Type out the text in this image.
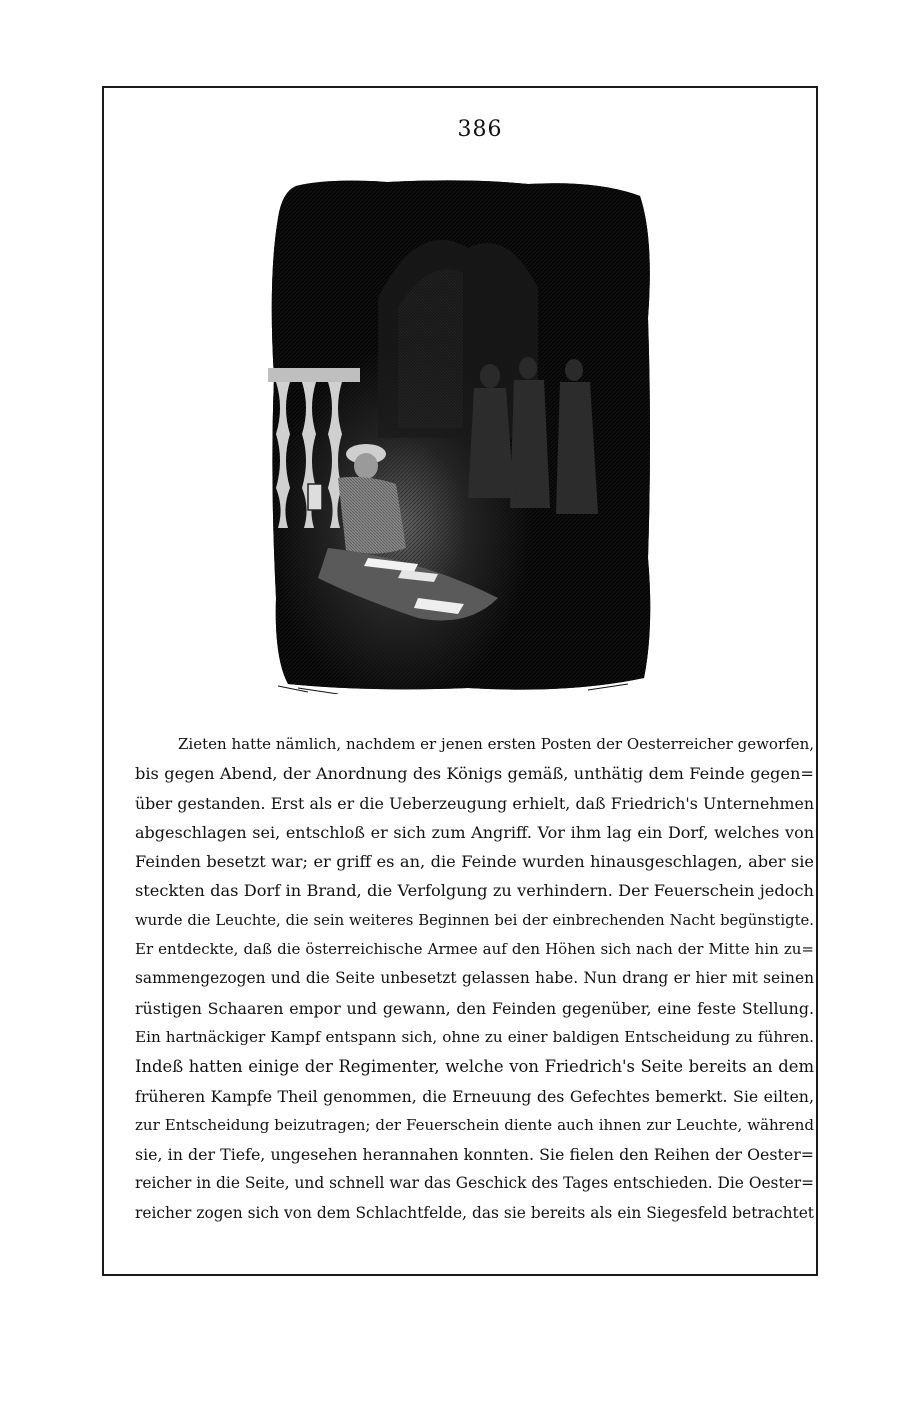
386
Zieten hatte nämlich, nachdem er jenen ersten Posten der Oesterreicher geworfen,
bis gegen Abend, der Anordnung des Königs gemäß, unthätig dem Feinde gegen=
über gestanden. Erst als er die Ueberzeugung erhielt, daß Friedrich's Unternehmen
abgeschlagen sei, entschloß er sich zum Angriff. Vor ihm lag ein Dorf, welches von
Feinden besetzt war; er griff es an, die Feinde wurden hinausgeschlagen, aber sie
steckten das Dorf in Brand, die Verfolgung zu verhindern. Der Feuerschein jedoch
wurde die Leuchte, die sein weiteres Beginnen bei der einbrechenden Nacht begünstigte.
Er entdeckte, daß die österreichische Armee auf den Höhen sich nach der Mitte hin zu=
sammengezogen und die Seite unbesetzt gelassen habe. Nun drang er hier mit seinen
rüstigen Schaaren empor und gewann, den Feinden gegenüber, eine feste Stellung.
Ein hartnäckiger Kampf entspann sich, ohne zu einer baldigen Entscheidung zu führen.
Indeß hatten einige der Regimenter, welche von Friedrich's Seite bereits an dem
früheren Kampfe Theil genommen, die Erneuung des Gefechtes bemerkt. Sie eilten,
zur Entscheidung beizutragen; der Feuerschein diente auch ihnen zur Leuchte, während
sie, in der Tiefe, ungesehen herannahen konnten. Sie fielen den Reihen der Oester=
reicher in die Seite, und schnell war das Geschick des Tages entschieden. Die Oester=
reicher zogen sich von dem Schlachtfelde, das sie bereits als ein Siegesfeld betrachtet
